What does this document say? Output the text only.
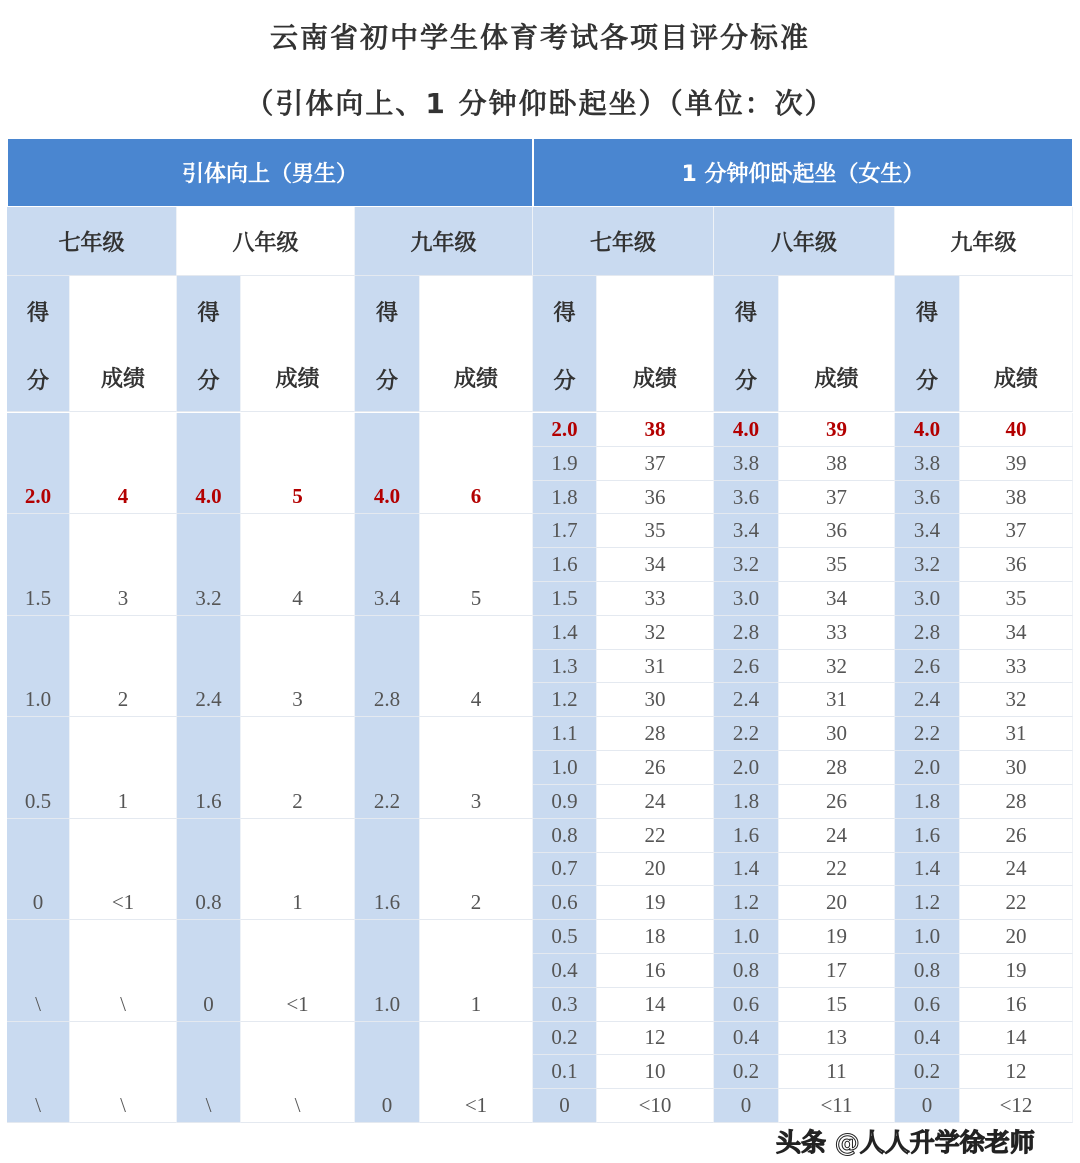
云南省初中学生体育考试各项目评分标准
（引体向上、1 分钟仰卧起坐）（单位：次）
引体向上（男生）
七年级
得
分	成绩
2.0	4
1.5	3
1.0	2
0.5	1
0	<1
\	\
\	\
八年级
得
分	成绩
4.0	5
3.2	4
2.4	3
1.6	2
0.8	1
0	<1
\	\
九年级
得
分	成绩
4.0	6
3.4	5
2.8	4
2.2	3
1.6	2
1.0	1
0	<1
1 分钟仰卧起坐（女生）
七年级
得
分	成绩
2.0	38
1.9	37
1.8	36
1.7	35
1.6	34
1.5	33
1.4	32
1.3	31
1.2	30
1.1	28
1.0	26
0.9	24
0.8	22
0.7	20
0.6	19
0.5	18
0.4	16
0.3	14
0.2	12
0.1	10
0	<10
八年级
得
分	成绩
4.0	39
3.8	38
3.6	37
3.4	36
3.2	35
3.0	34
2.8	33
2.6	32
2.4	31
2.2	30
2.0	28
1.8	26
1.6	24
1.4	22
1.2	20
1.0	19
0.8	17
0.6	15
0.4	13
0.2	11
0	<11
九年级
得
分	成绩
4.0	40
3.8	39
3.6	38
3.4	37
3.2	36
3.0	35
2.8	34
2.6	33
2.4	32
2.2	31
2.0	30
1.8	28
1.6	26
1.4	24
1.2	22
1.0	20
0.8	19
0.6	16
0.4	14
0.2	12
0	<12
头条 @人人升学徐老师
